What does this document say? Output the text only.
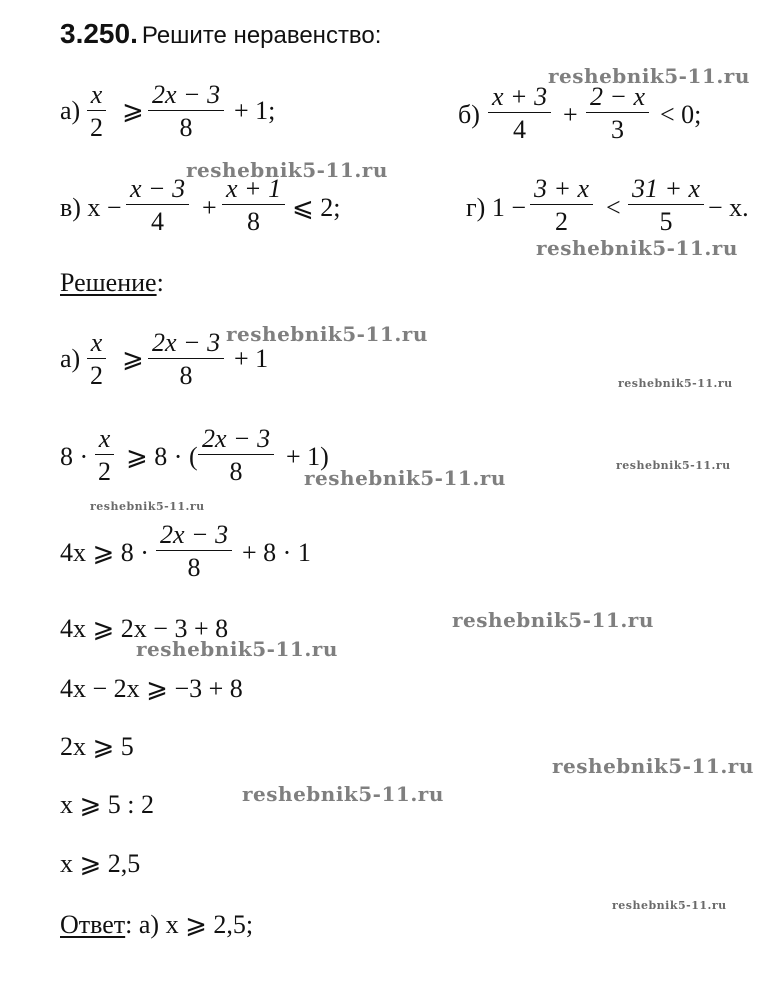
3.250. Решите неравенство:
$а) \frac{x}{2}$ ⩾ $\frac{2x - 3}{8} + 1$;	$б) \frac{x + 3}{4} + \frac{2 - x}{3} < 0$;
в) $x - \frac{x - 3}{4} + \frac{x + 1}{8}$ ⩽ 2;	г) $1 - \frac{3 + x}{2} < \frac{31 + x}{5} - x$.
Решение:
$а) \frac{x}{2}$ ⩾ $\frac{2x - 3}{8} + 1$
$8 \cdot \frac{x}{2}$ ⩾ 8 · ( $\frac{2x - 3}{8} + 1$)
4x ⩾ $8 \cdot \frac{2x - 3}{8} + 8 \cdot 1$
4x ⩾ 2x − 3 + 8
4x − 2x ⩾ −3 + 8
2x ⩾ 5
x ⩾ 5 : 2
x ⩾ 2,5
Ответ: а) x ⩾ 2,5;
reshebnik5-11.ru
reshebnik5-11.ru
reshebnik5-11.ru
reshebnik5-11.ru
reshebnik5-11.ru
reshebnik5-11.ru
reshebnik5-11.ru
reshebnik5-11.ru
reshebnik5-11.ru
reshebnik5-11.ru
reshebnik5-11.ru
reshebnik5-11.ru
reshebnik5-11.ru
